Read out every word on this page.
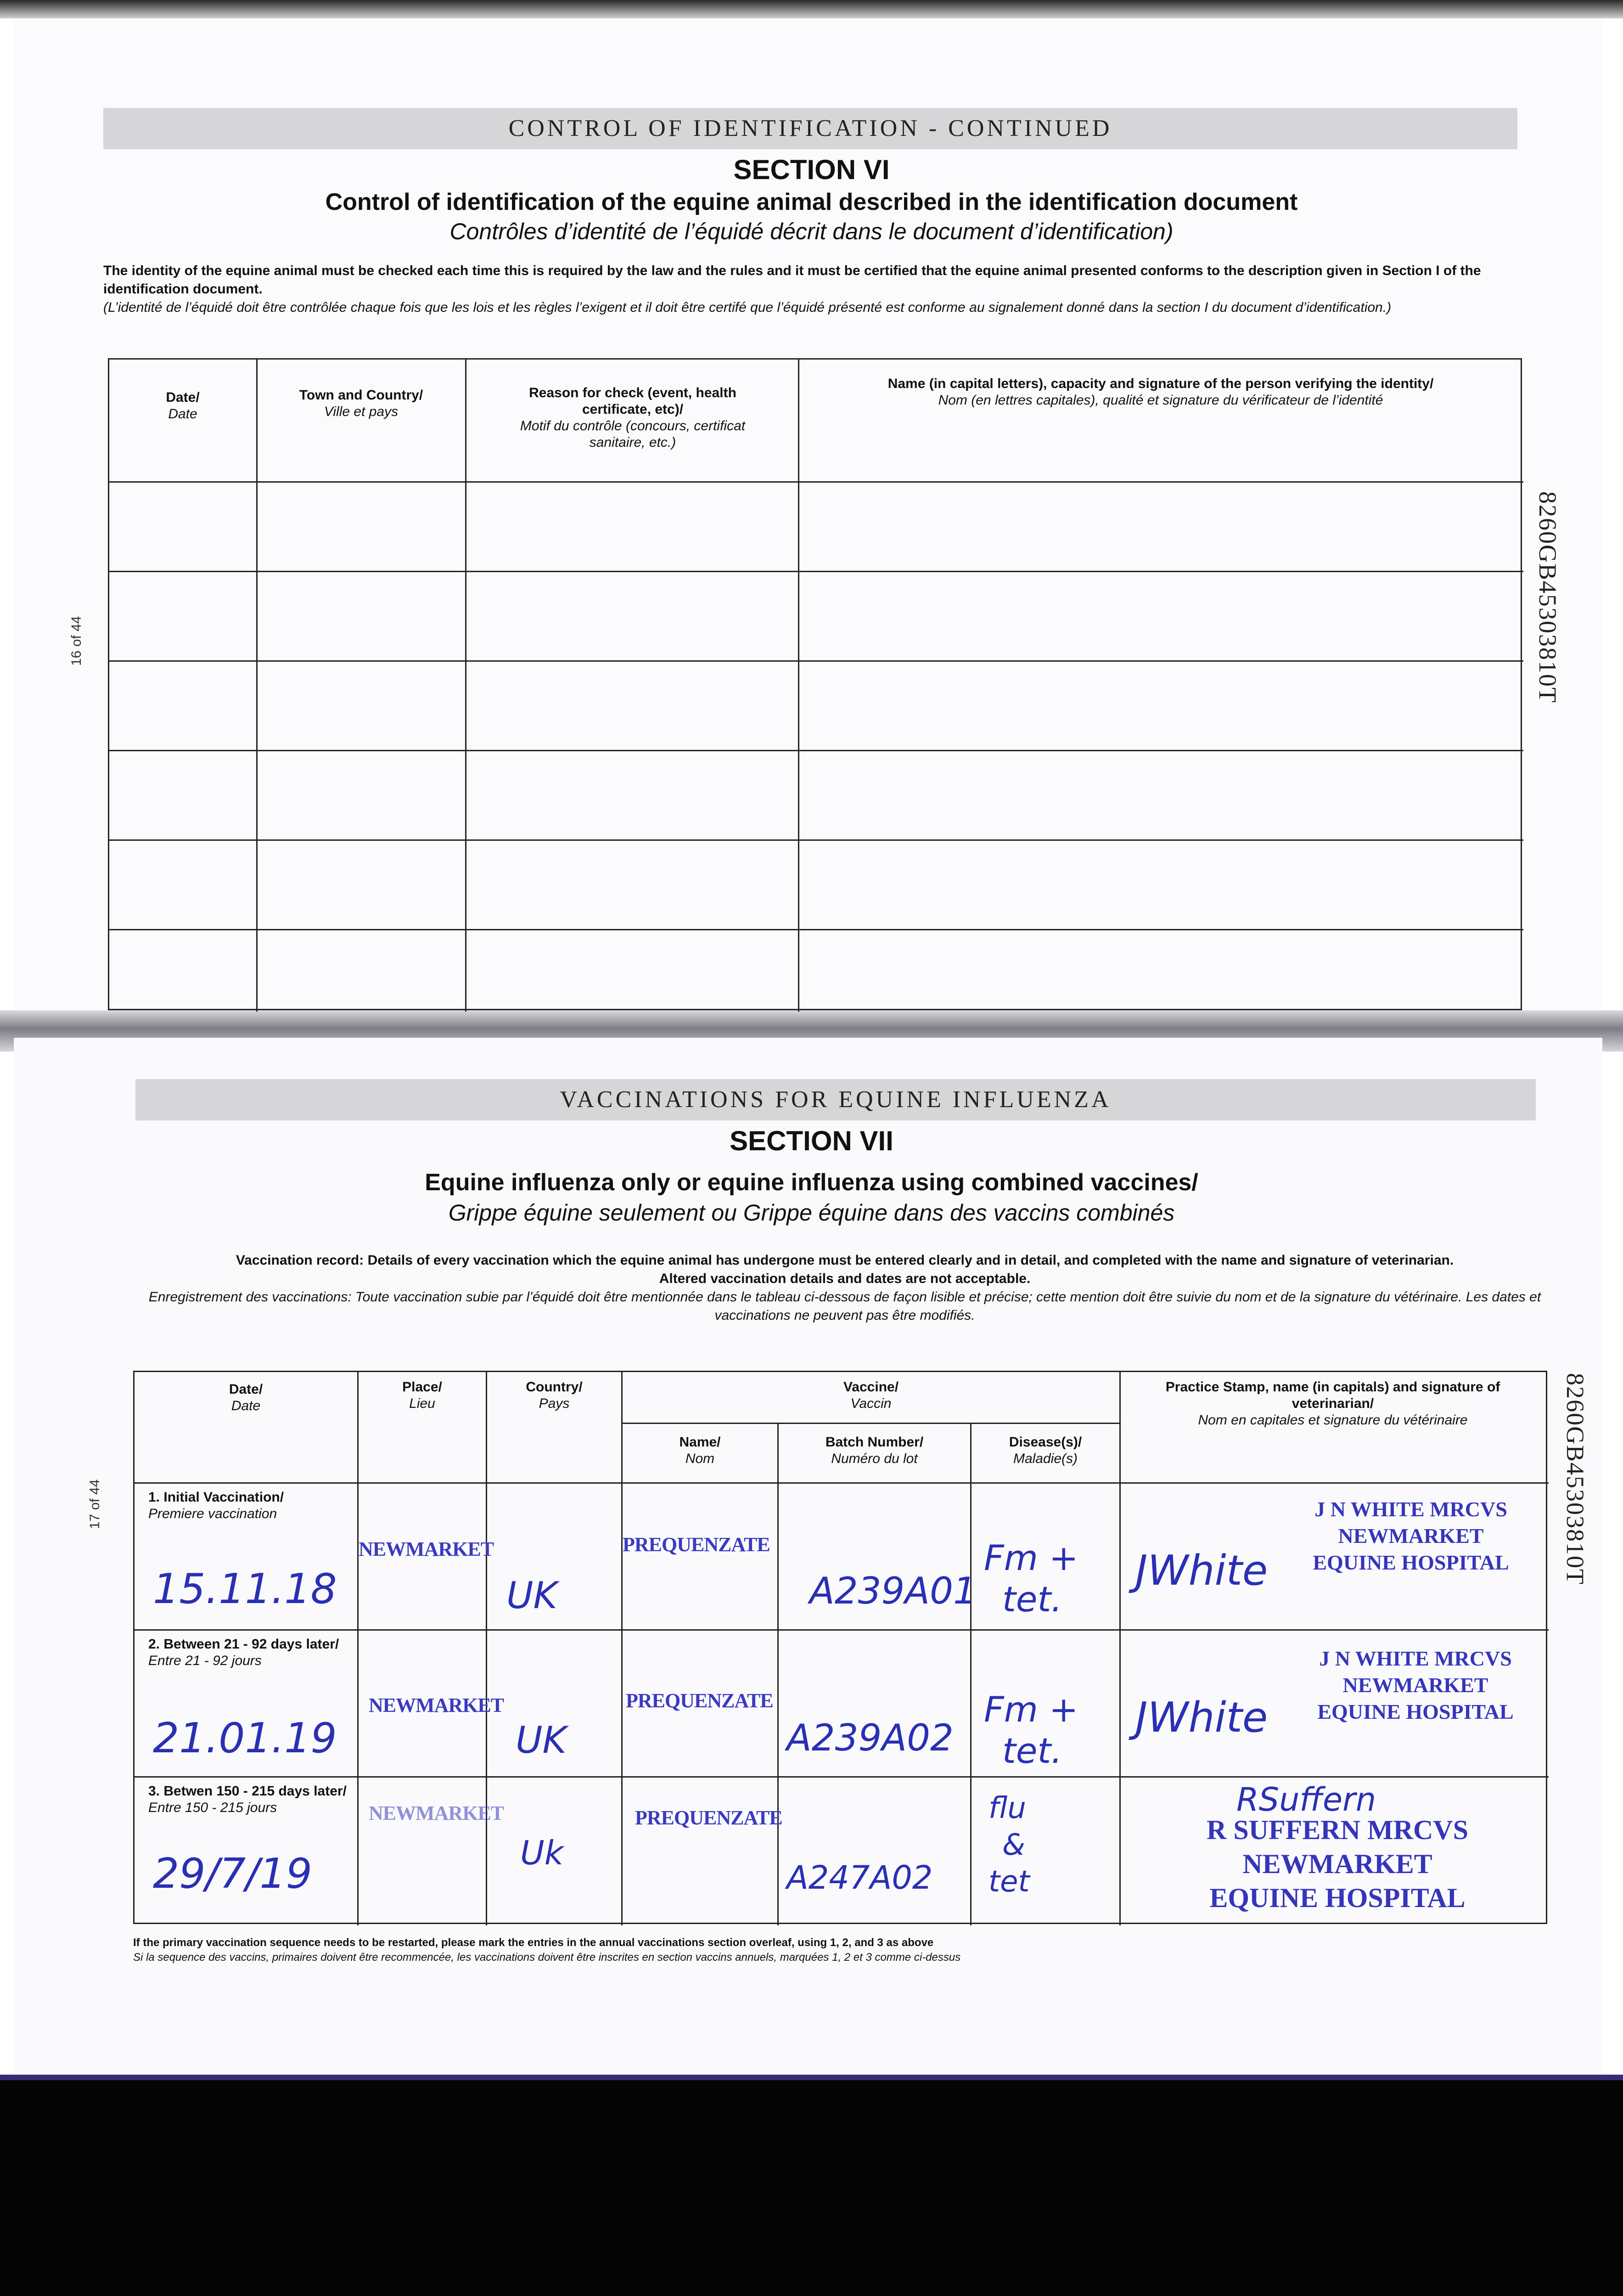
CONTROL OF IDENTIFICATION - CONTINUED
SECTION VI
Control of identification of the equine animal described in the identification document
Contrôles d’identité de l’équidé décrit dans le document d’identification)
The identity of the equine animal must be checked each time this is required by the law and the rules and it must be certified that the equine animal presented conforms to the description given in Section I of the identification document.
(L’identité de l’équidé doit être contrôlée chaque fois que les lois et les règles l’exigent et il doit être certifé que l’équidé présenté est conforme au signalement donné dans la section I du document d’identification.)
Date/
Date
Town and Country/
Ville et pays
Reason for check (event, health certificate, etc)/
Motif du contrôle (concours, certificat sanitaire, etc.)
Name (in capital letters), capacity and signature of the person verifying the identity/
Nom (en lettres capitales), qualité et signature du vérificateur de l’identité
16 of 44	8260GB45303810T
VACCINATIONS FOR EQUINE INFLUENZA
SECTION VII
Equine influenza only or equine influenza using combined vaccines/
Grippe équine seulement ou Grippe équine dans des vaccins combinés
Vaccination record: Details of every vaccination which the equine animal has undergone must be entered clearly and in detail, and completed with the name and signature of veterinarian.
Altered vaccination details and dates are not acceptable.
Enregistrement des vaccinations: Toute vaccination subie par l’équidé doit être mentionnée dans le tableau ci-dessous de façon lisible et précise; cette mention doit être suivie du nom et de la signature du vétérinaire. Les dates et vaccinations ne peuvent pas être modifiés.
Date/
Date
Place/
Lieu
Country/
Pays
Vaccine/
Vaccin
Name/
Nom
Batch Number/
Numéro du lot
Disease(s)/
Maladie(s)
Practice Stamp, name (in capitals) and signature of veterinarian/
Nom en capitales et signature du vétérinaire
1. Initial Vaccination/
Premiere vaccination
15.11.18
NEWMARKET
UK
PREQUENZATE
A239A01
Fm +
tet.
JWhite
J N WHITE MRCVS
NEWMARKET
EQUINE HOSPITAL
2. Between 21 - 92 days later/
Entre 21 - 92 jours
21.01.19
NEWMARKET
UK
PREQUENZATE
A239A02
Fm +
tet.
JWhite
J N WHITE MRCVS
NEWMARKET
EQUINE HOSPITAL
3. Betwen 150 - 215 days later/
Entre 150 - 215 jours
29/7/19
NEWMARKET
Uk
PREQUENZATE
A247A02
flu
&
tet
RSuffern
R SUFFERN MRCVS
NEWMARKET
EQUINE HOSPITAL
If the primary vaccination sequence needs to be restarted, please mark the entries in the annual vaccinations section overleaf, using 1, 2, and 3 as above
Si la sequence des vaccins, primaires doivent être recommencée, les vaccinations doivent être inscrites en section vaccins annuels, marquées 1, 2 et 3 comme ci-dessus
17 of 44	8260GB45303810T
